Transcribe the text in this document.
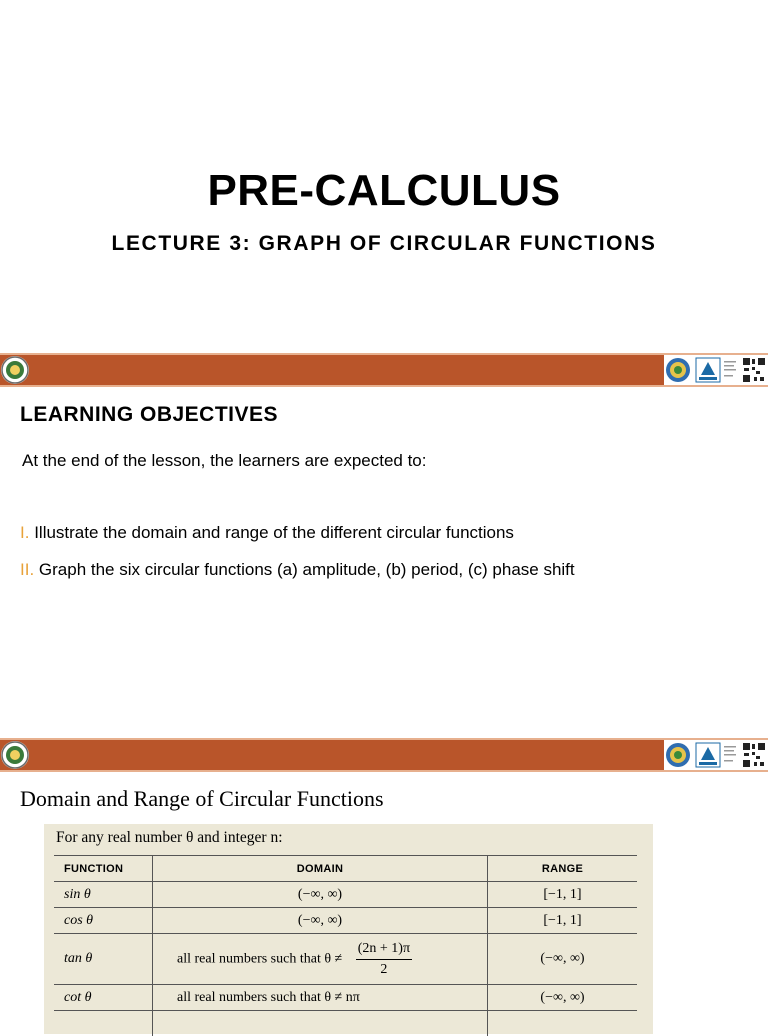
PRE-CALCULUS
LECTURE 3: GRAPH OF CIRCULAR FUNCTIONS
LEARNING OBJECTIVES
At the end of the lesson, the learners are expected to:
I. Illustrate the domain and range of the different circular functions
II. Graph the six circular functions (a) amplitude, (b) period, (c) phase shift
Domain and Range of Circular Functions
For any real number θ and integer n:
FUNCTION	DOMAIN	RANGE
sin θ	(−∞, ∞)	[−1, 1]
cos θ	(−∞, ∞)	[−1, 1]
tan θ	all real numbers such that $\theta \ne \frac{(2n + 1)\pi}{2}$	(−∞, ∞)
cot θ	all real numbers such that θ ≠ nπ	(−∞, ∞)
